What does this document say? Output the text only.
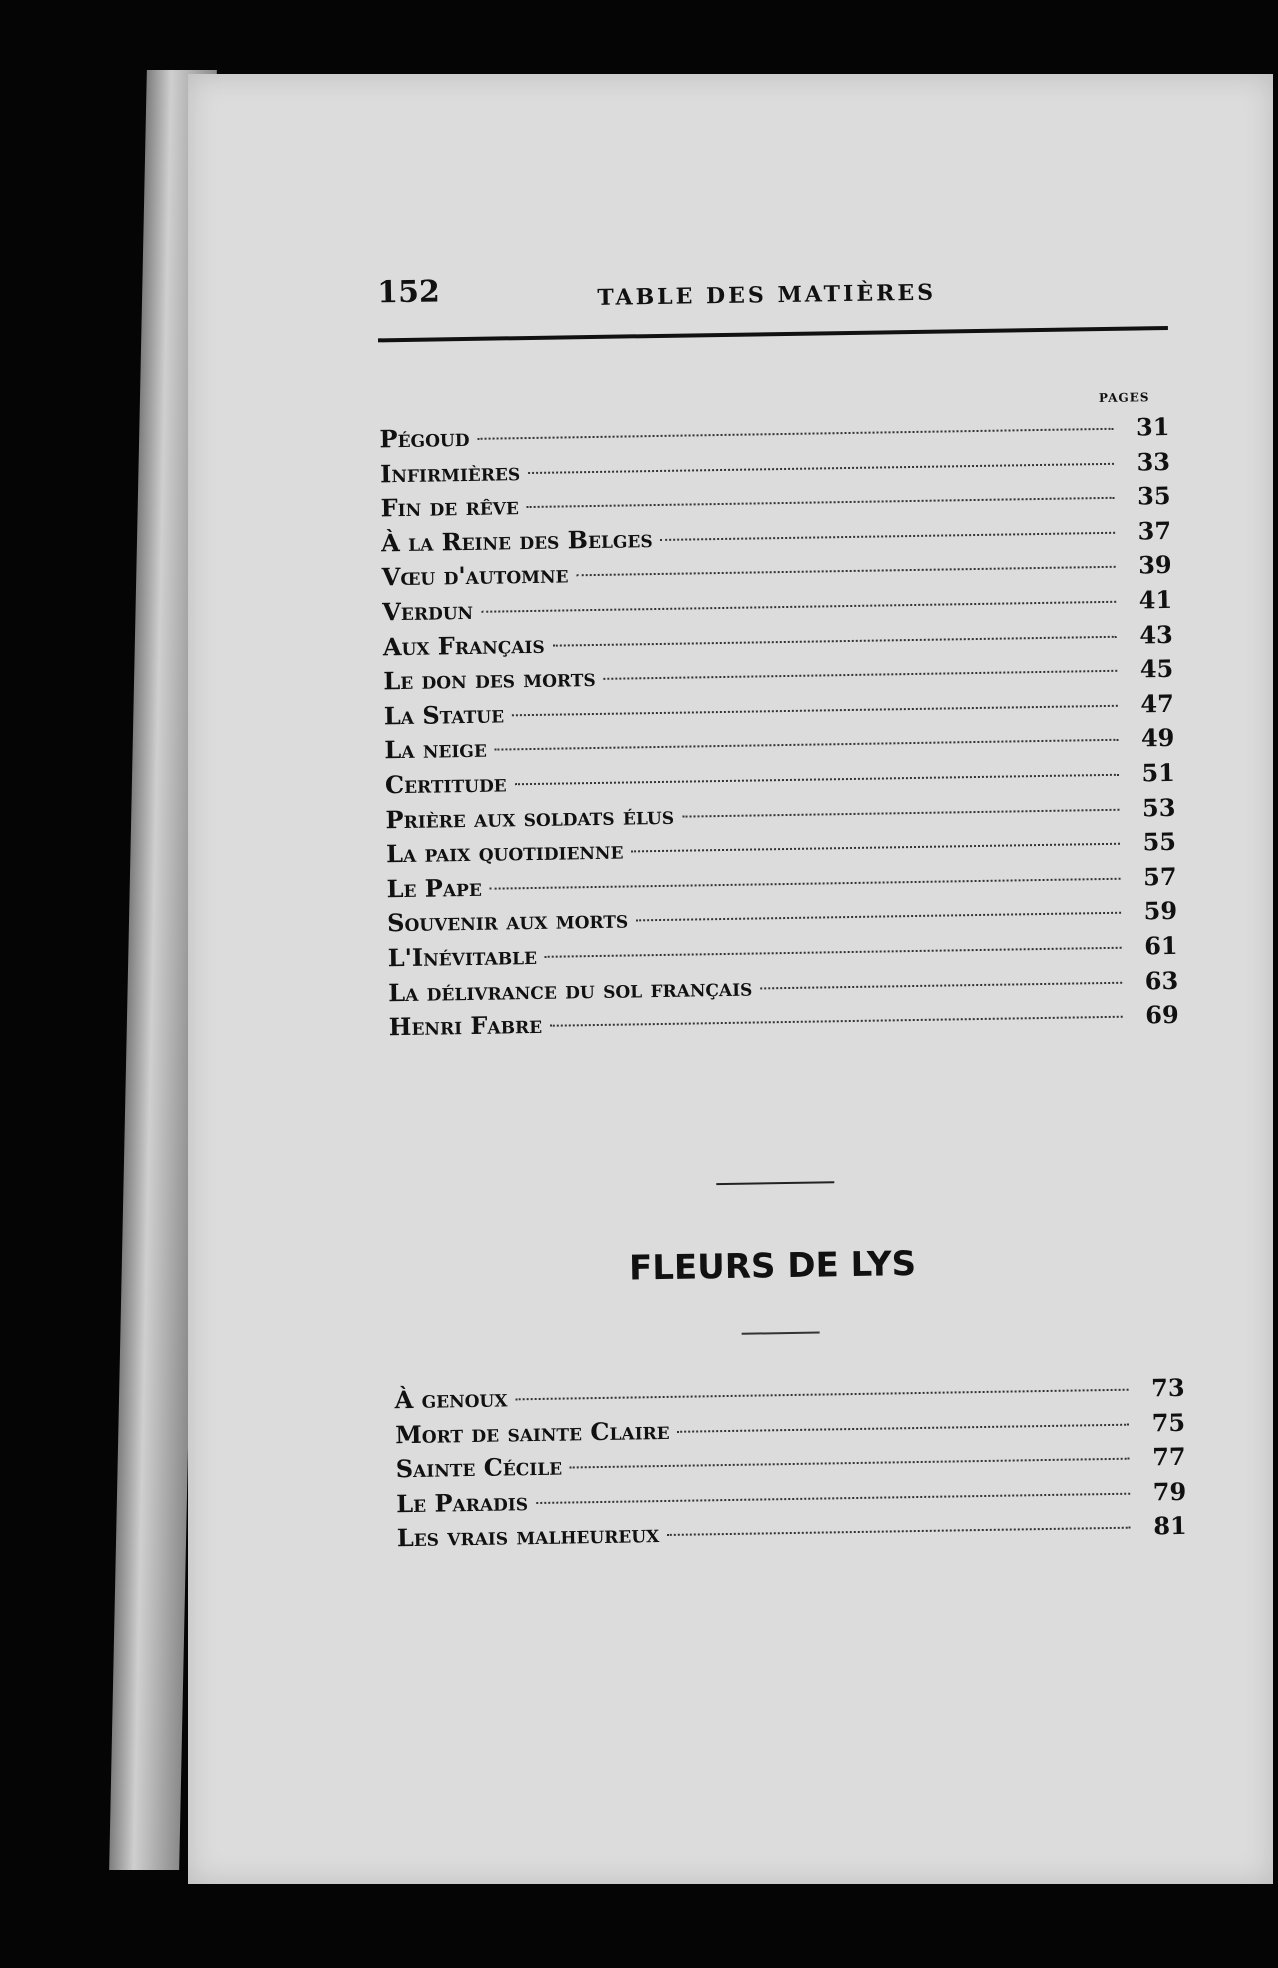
152	TABLE DES MATIÈRES
PAGES
Pégoud	31
Infirmières	33
Fin de rêve	35
À la Reine des Belges	37
Vœu d'automne	39
Verdun	41
Aux Français	43
Le don des morts	45
La Statue	47
La neige	49
Certitude	51
Prière aux soldats élus	53
La paix quotidienne	55
Le Pape	57
Souvenir aux morts	59
L'Inévitable	61
La délivrance du sol français	63
Henri Fabre	69
FLEURS DE LYS
À genoux	73
Mort de sainte Claire	75
Sainte Cécile	77
Le Paradis	79
Les vrais malheureux	81
